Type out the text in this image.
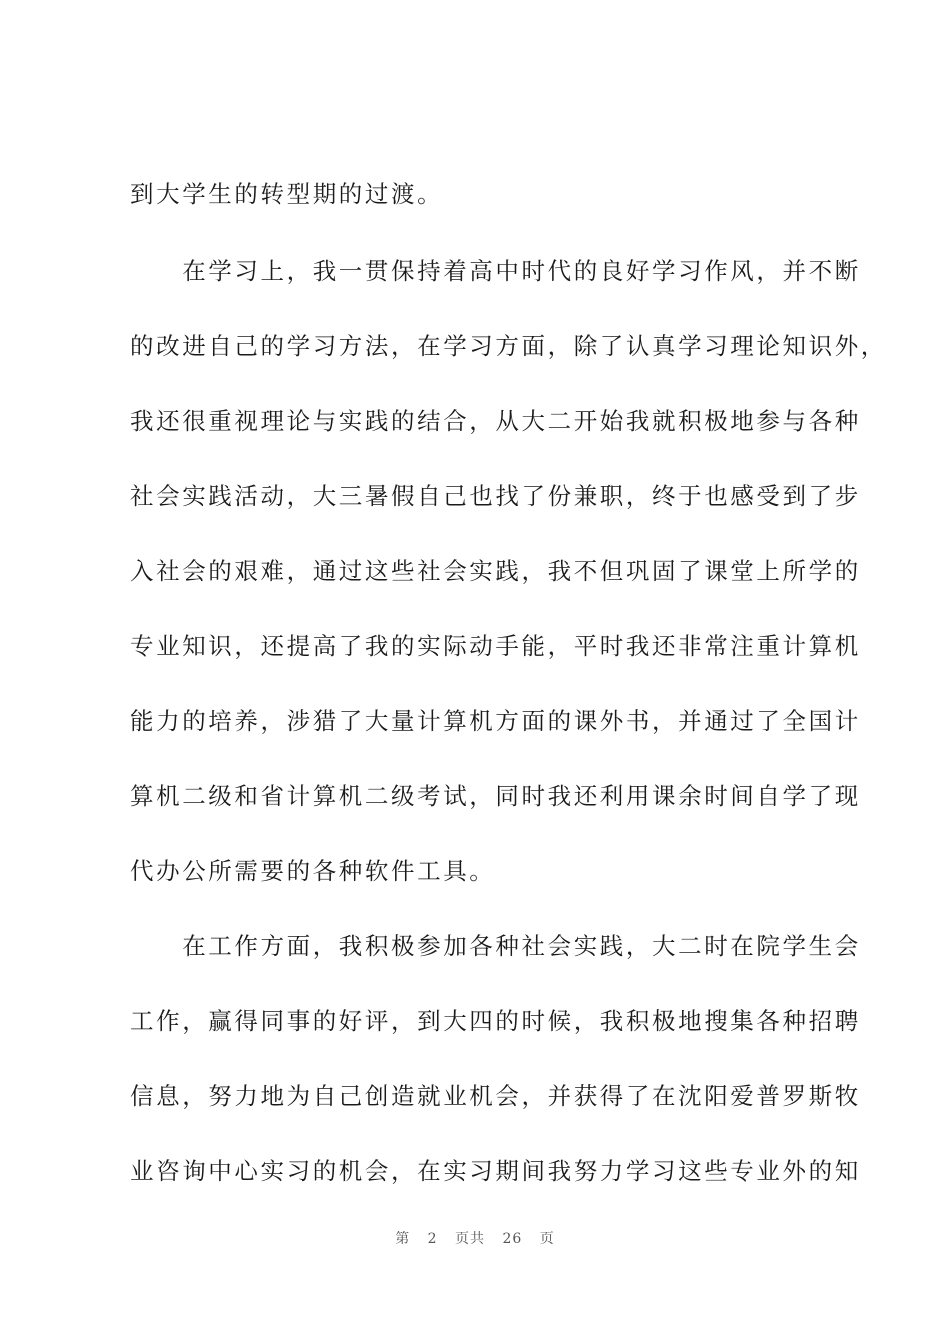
到大学生的转型期的过渡。
　　在学习上，我一贯保持着高中时代的良好学习作风，并不断
的改进自己的学习方法，在学习方面，除了认真学习理论知识外，
我还很重视理论与实践的结合，从大二开始我就积极地参与各种
社会实践活动，大三暑假自己也找了份兼职，终于也感受到了步
入社会的艰难，通过这些社会实践，我不但巩固了课堂上所学的
专业知识，还提高了我的实际动手能，平时我还非常注重计算机
能力的培养，涉猎了大量计算机方面的课外书，并通过了全国计
算机二级和省计算机二级考试，同时我还利用课余时间自学了现
代办公所需要的各种软件工具。
　　在工作方面，我积极参加各种社会实践，大二时在院学生会
工作，赢得同事的好评，到大四的时候，我积极地搜集各种招聘
信息，努力地为自己创造就业机会，并获得了在沈阳爱普罗斯牧
业咨询中心实习的机会，在实习期间我努力学习这些专业外的知
第 2 页共 26 页
